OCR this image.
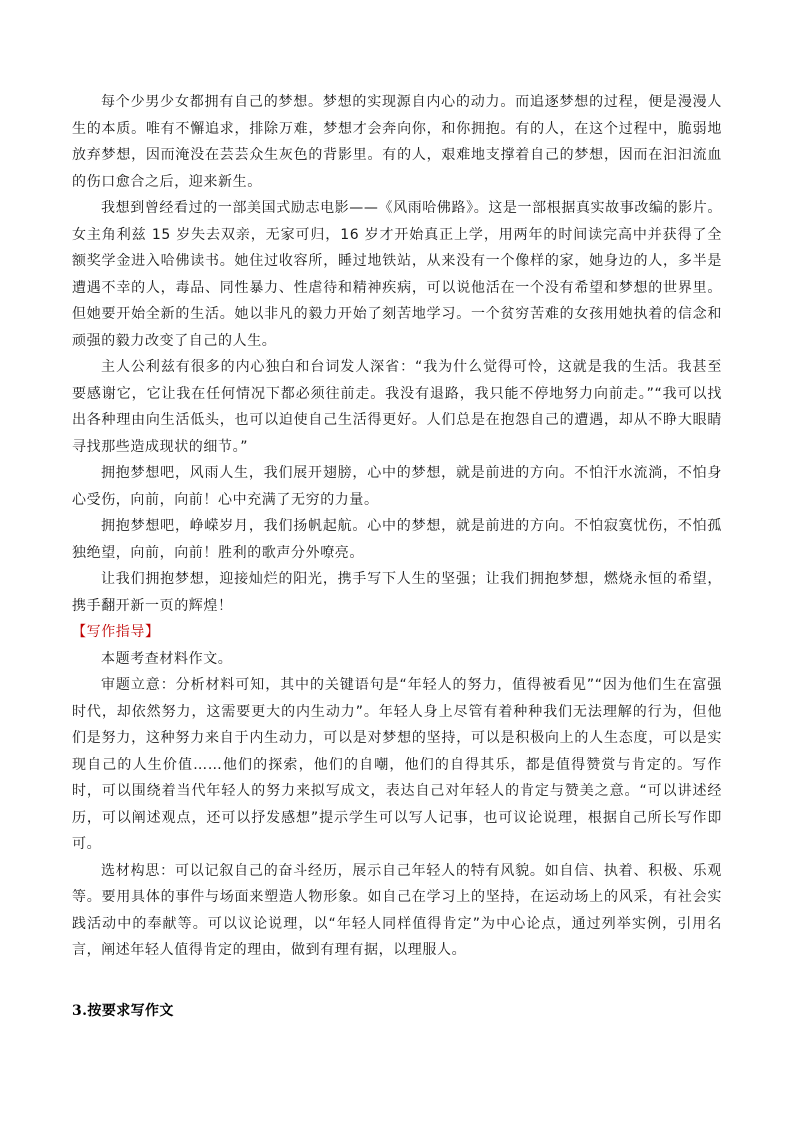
每个少男少女都拥有自己的梦想。梦想的实现源自内心的动力。而追逐梦想的过程，便是漫漫人生的本质。唯有不懈追求，排除万难，梦想才会奔向你，和你拥抱。有的人，在这个过程中，脆弱地放弃梦想，因而淹没在芸芸众生灰色的背影里。有的人，艰难地支撑着自己的梦想，因而在汩汩流血的伤口愈合之后，迎来新生。

我想到曾经看过的一部美国式励志电影——《风雨哈佛路》。这是一部根据真实故事改编的影片。女主角利兹 15 岁失去双亲，无家可归，16 岁才开始真正上学，用两年的时间读完高中并获得了全额奖学金进入哈佛读书。她住过收容所，睡过地铁站，从来没有一个像样的家，她身边的人，多半是遭遇不幸的人，毒品、同性暴力、性虐待和精神疾病，可以说他活在一个没有希望和梦想的世界里。但她要开始全新的生活。她以非凡的毅力开始了刻苦地学习。一个贫穷苦难的女孩用她执着的信念和顽强的毅力改变了自己的人生。

主人公利兹有很多的内心独白和台词发人深省：“我为什么觉得可怜，这就是我的生活。我甚至要感谢它，它让我在任何情况下都必须往前走。我没有退路，我只能不停地努力向前走。”“我可以找出各种理由向生活低头，也可以迫使自己生活得更好。人们总是在抱怨自己的遭遇，却从不睁大眼睛寻找那些造成现状的细节。”

拥抱梦想吧，风雨人生，我们展开翅膀，心中的梦想，就是前进的方向。不怕汗水流淌，不怕身心受伤，向前，向前！心中充满了无穷的力量。

拥抱梦想吧，峥嵘岁月，我们扬帆起航。心中的梦想，就是前进的方向。不怕寂寞忧伤，不怕孤独绝望，向前，向前！胜利的歌声分外嘹亮。

让我们拥抱梦想，迎接灿烂的阳光，携手写下人生的坚强；让我们拥抱梦想，燃烧永恒的希望，携手翻开新一页的辉煌！

【写作指导】

本题考查材料作文。

审题立意：分析材料可知，其中的关键语句是“年轻人的努力，值得被看见”“因为他们生在富强时代，却依然努力，这需要更大的内生动力”。年轻人身上尽管有着种种我们无法理解的行为，但他们是努力，这种努力来自于内生动力，可以是对梦想的坚持，可以是积极向上的人生态度，可以是实现自己的人生价值……他们的探索，他们的自嘲，他们的自得其乐，都是值得赞赏与肯定的。写作时，可以围绕着当代年轻人的努力来拟写成文，表达自己对年轻人的肯定与赞美之意。“可以讲述经历，可以阐述观点，还可以抒发感想”提示学生可以写人记事，也可议论说理，根据自己所长写作即可。

选材构思：可以记叙自己的奋斗经历，展示自己年轻人的特有风貌。如自信、执着、积极、乐观等。要用具体的事件与场面来塑造人物形象。如自己在学习上的坚持，在运动场上的风采，有社会实践活动中的奉献等。可以议论说理，以“年轻人同样值得肯定”为中心论点，通过列举实例，引用名言，阐述年轻人值得肯定的理由，做到有理有据，以理服人。

3.按要求写作文
